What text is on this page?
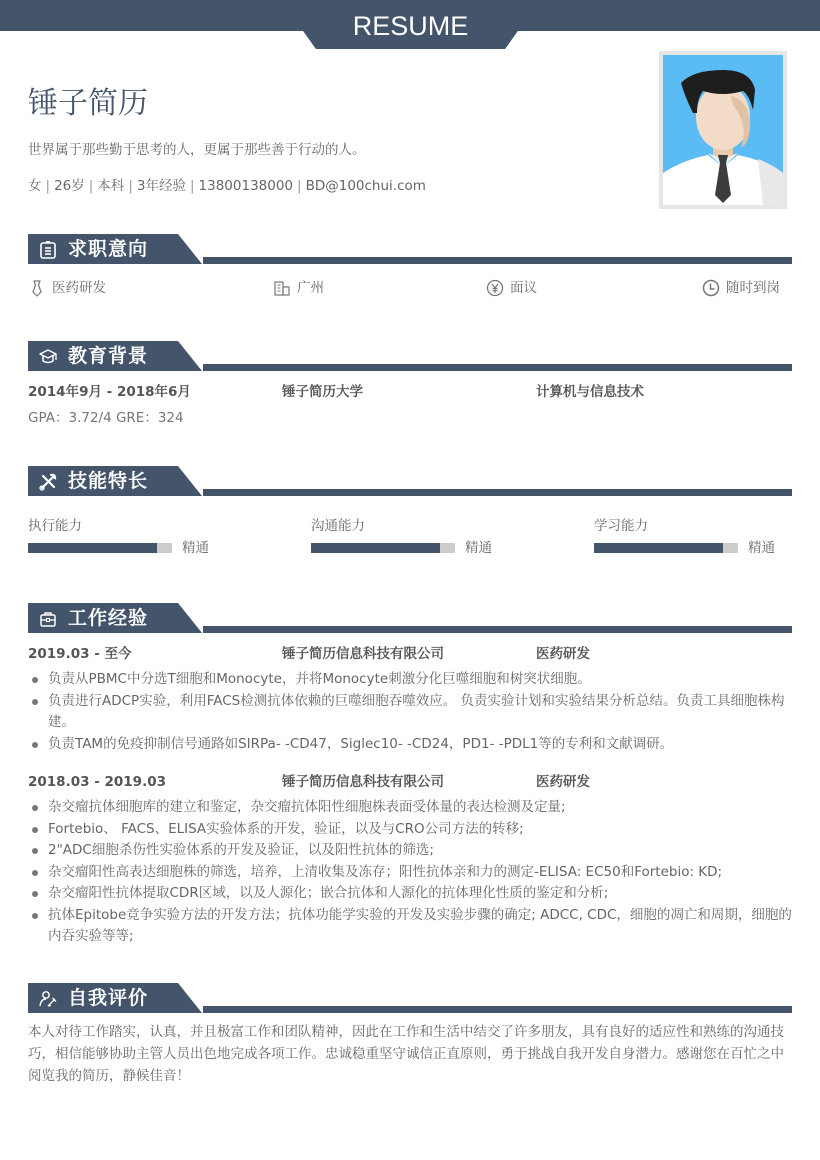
RESUME
锤子简历
世界属于那些勤于思考的人，更属于那些善于行动的人。
女 | 26岁 | 本科 | 3年经验 | 13800138000 | BD@100chui.com
求职意向
医药研发	广州	面议	随时到岗
教育背景
2014年9月 - 2018年6月	锤子简历大学	计算机与信息技术
GPA：3.72/4 GRE：324
技能特长
执行能力
精通
沟通能力
精通
学习能力
精通
工作经验
2019.03 - 至今	锤子简历信息科技有限公司	医药研发
负责从PBMC中分选T细胞和Monocyte，并将Monocyte刺激分化巨噬细胞和树突状细胞。
负责进行ADCP实验，利用FACS检测抗体依赖的巨噬细胞吞噬效应。 负责实验计划和实验结果分析总结。负责工具细胞株构建。
负责TAM的免疫抑制信号通路如SIRPa- -CD47，Siglec10- -CD24，PD1- -PDL1等的专利和文献调研。
2018.03 - 2019.03	锤子简历信息科技有限公司	医药研发
杂交瘤抗体细胞库的建立和鉴定，杂交瘤抗体阳性细胞株表面受体量的表达检测及定量;
Fortebio、 FACS、ELISA实验体系的开发，验证，以及与CRO公司方法的转移;
2"ADC细胞杀伤性实验体系的开发及验证，以及阳性抗体的筛选;
杂交瘤阳性高表达细胞株的筛选，培养，上清收集及冻存；阳性抗体亲和力的测定-ELISA: EC50和Fortebio: KD;
杂交瘤阳性抗体提取CDR区域，以及人源化；嵌合抗体和人源化的抗体理化性质的鉴定和分析;
抗体Epitobe竞争实验方法的开发方法；抗体功能学实验的开发及实验步骤的确定; ADCC, CDC，细胞的凋亡和周期，细胞的内吞实验等等;
自我评价
本人对待工作踏实，认真，并且极富工作和团队精神，因此在工作和生活中结交了许多朋友，具有良好的适应性和熟练的沟通技巧，相信能够协助主管人员出色地完成各项工作。忠诚稳重坚守诚信正直原则，勇于挑战自我开发自身潜力。感谢您在百忙之中阅览我的简历，静候佳音！
